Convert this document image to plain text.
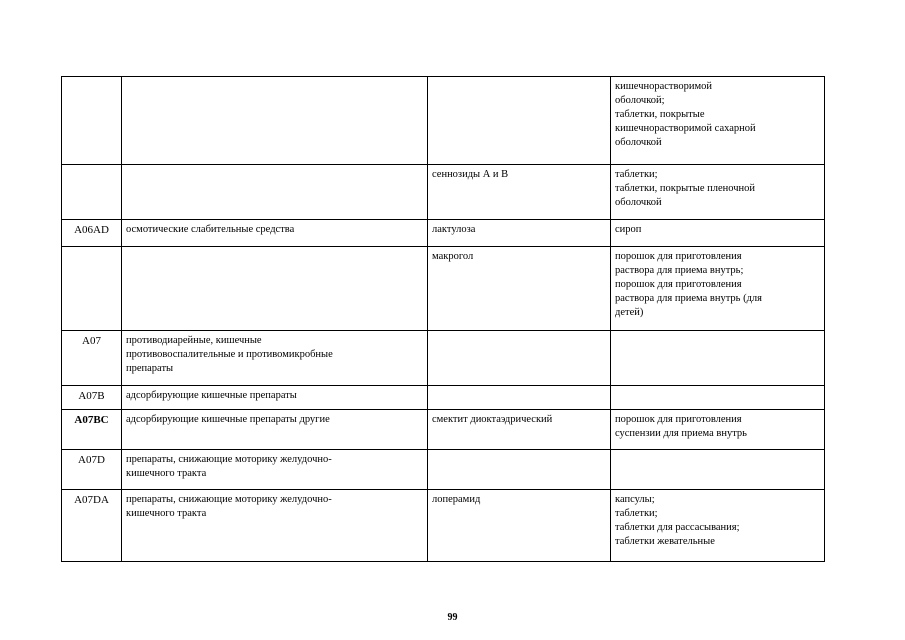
			кишечнорастворимой
оболочкой;
таблетки, покрытые
кишечнорастворимой сахарной
оболочкой

		сеннозиды А и B	таблетки;
таблетки, покрытые пленочной
оболочкой

A06AD	осмотические слабительные средства	лактулоза	сироп

		макрогол	порошок для приготовления
раствора для приема внутрь;
порошок для приготовления
раствора для приема внутрь (для
детей)

A07	противодиарейные, кишечные
противовоспалительные и противомикробные
препараты		

A07B	адсорбирующие кишечные препараты		
A07BC	адсорбирующие кишечные препараты другие	смектит диоктаэдрический	порошок для приготовления
суспензии для приема внутрь

A07D	препараты, снижающие моторику желудочно-
кишечного тракта		

A07DA	препараты, снижающие моторику желудочно-
кишечного тракта	лоперамид	капсулы;
таблетки;
таблетки для рассасывания;
таблетки жевательные
99
